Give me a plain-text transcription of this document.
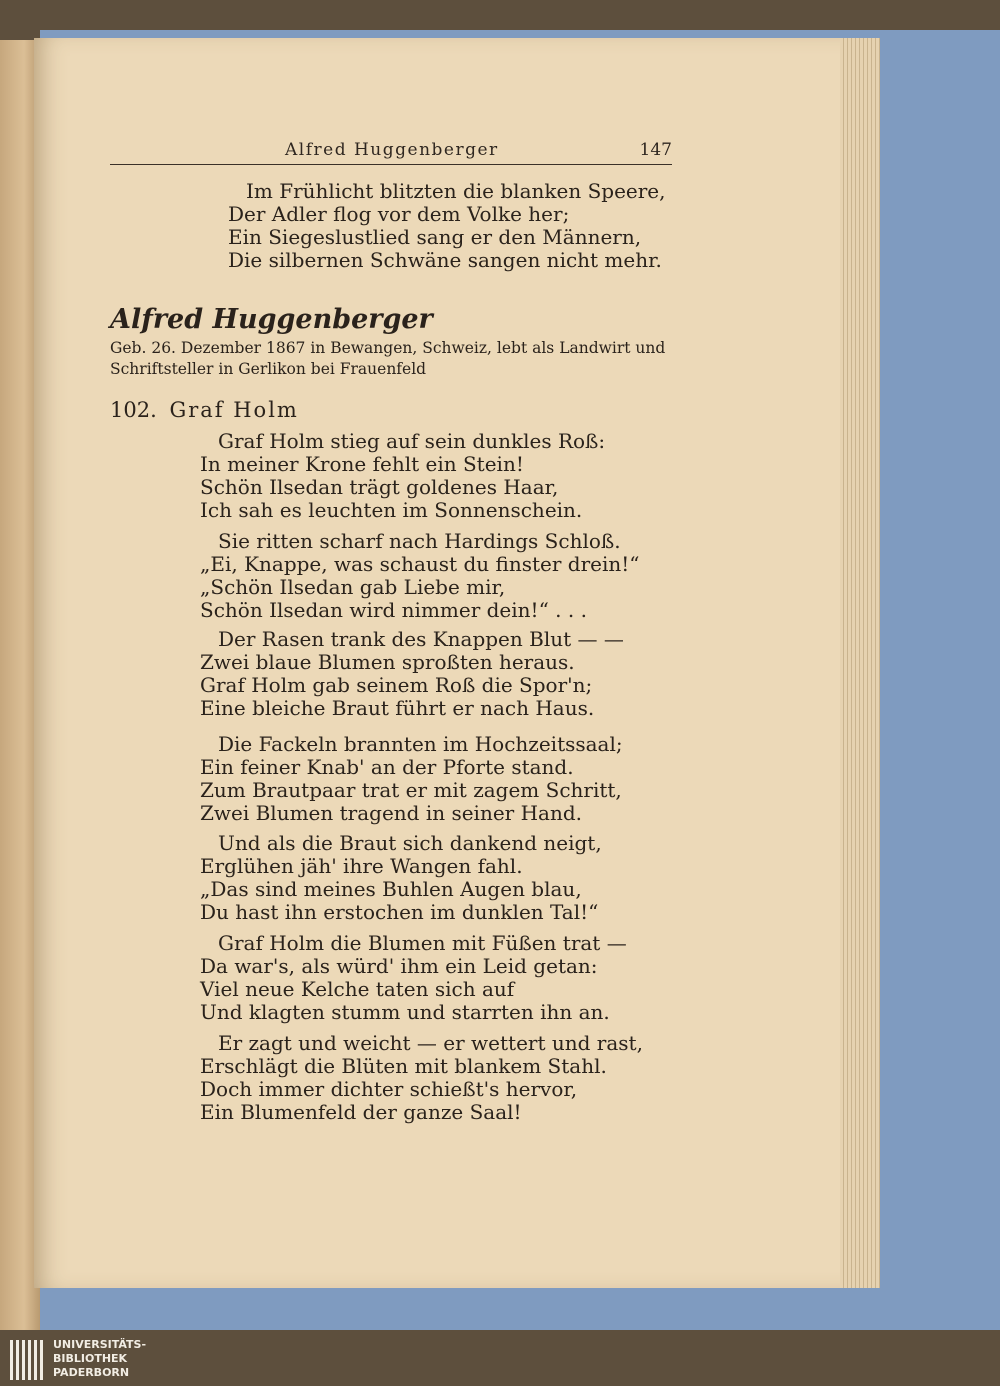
Alfred Huggenberger	147
Im Frühlicht blitzten die blanken Speere,
Der Adler flog vor dem Volke her;
Ein Siegeslustlied sang er den Männern,
Die silbernen Schwäne sangen nicht mehr.
Alfred Huggenberger
Geb. 26. Dezember 1867 in Bewangen, Schweiz, lebt als Landwirt und Schriftsteller in Gerlikon bei Frauenfeld
102. Graf Holm
Graf Holm stieg auf sein dunkles Roß:
In meiner Krone fehlt ein Stein!
Schön Ilsedan trägt goldenes Haar,
Ich sah es leuchten im Sonnenschein.
Sie ritten scharf nach Hardings Schloß.
„Ei, Knappe, was schaust du finster drein!“
„Schön Ilsedan gab Liebe mir,
Schön Ilsedan wird nimmer dein!“ . . .
Der Rasen trank des Knappen Blut — —
Zwei blaue Blumen sproßten heraus.
Graf Holm gab seinem Roß die Spor'n;
Eine bleiche Braut führt er nach Haus.
Die Fackeln brannten im Hochzeitssaal;
Ein feiner Knab' an der Pforte stand.
Zum Brautpaar trat er mit zagem Schritt,
Zwei Blumen tragend in seiner Hand.
Und als die Braut sich dankend neigt,
Erglühen jäh' ihre Wangen fahl.
„Das sind meines Buhlen Augen blau,
Du hast ihn erstochen im dunklen Tal!“
Graf Holm die Blumen mit Füßen trat —
Da war's, als würd' ihm ein Leid getan:
Viel neue Kelche taten sich auf
Und klagten stumm und starrten ihn an.
Er zagt und weicht — er wettert und rast,
Erschlägt die Blüten mit blankem Stahl.
Doch immer dichter schießt's hervor,
Ein Blumenfeld der ganze Saal!
UNIVERSITÄTS-
BIBLIOTHEK
PADERBORN
